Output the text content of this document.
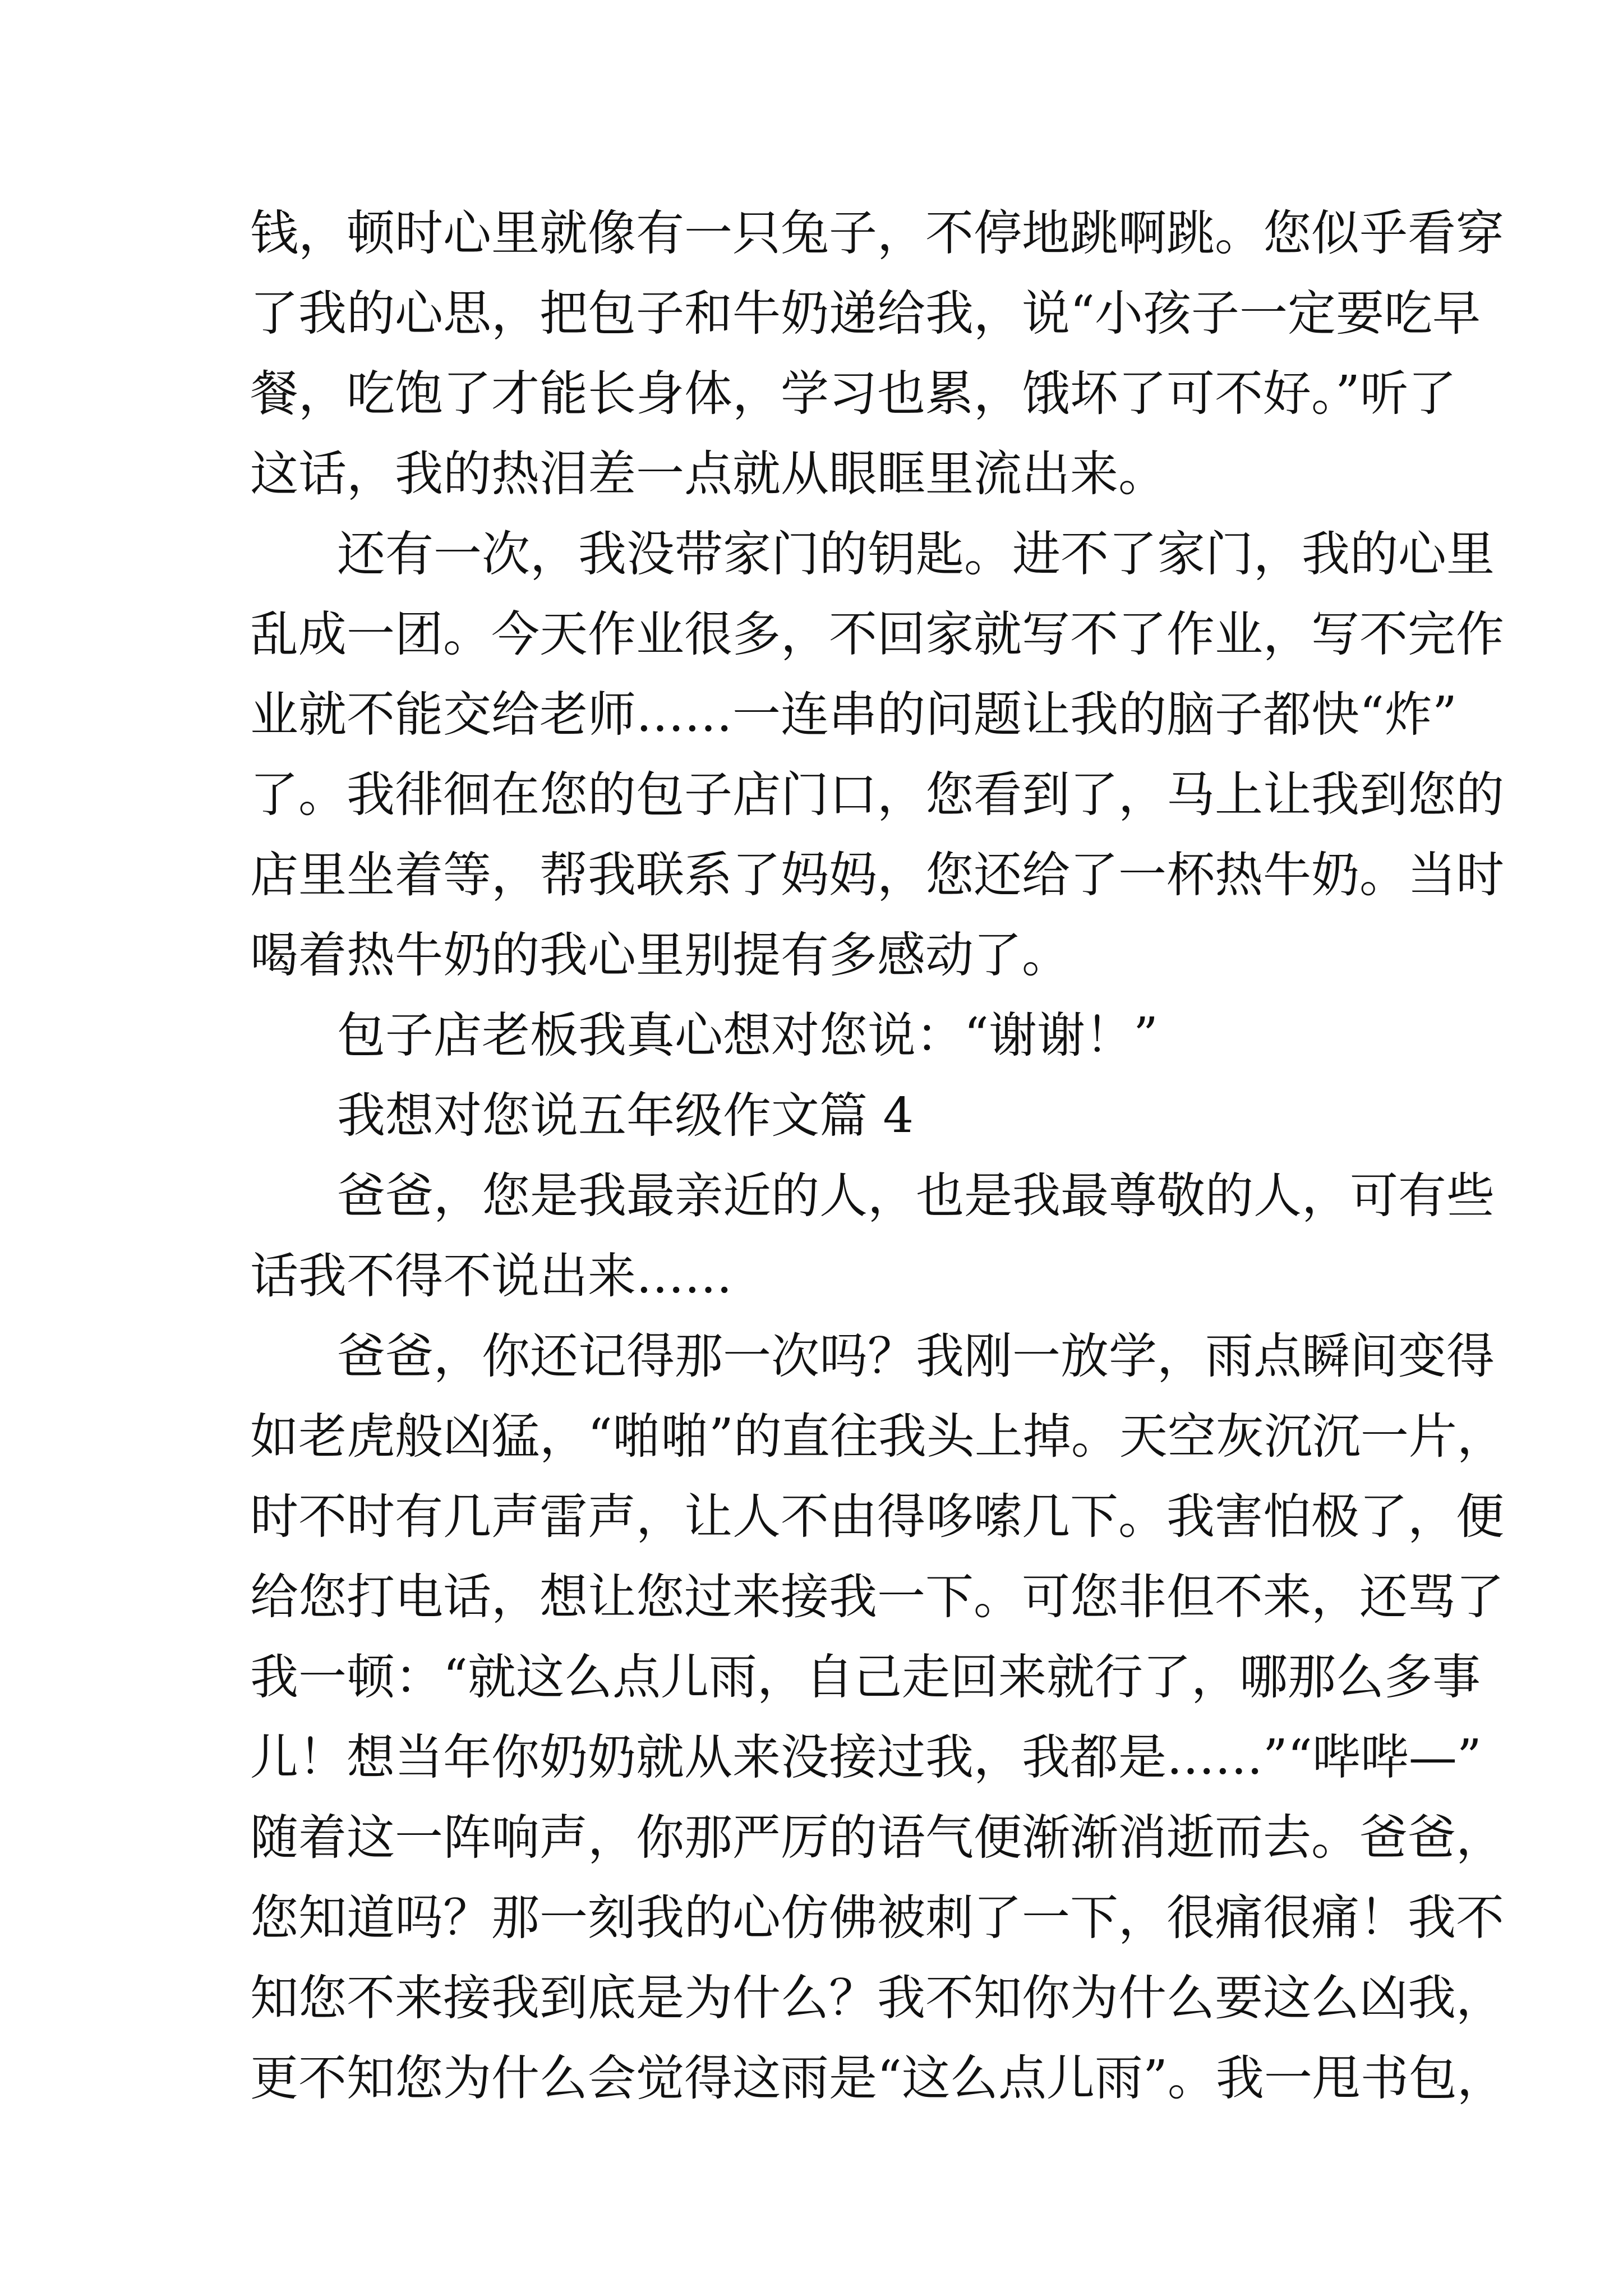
钱，顿时心里就像有一只兔子，不停地跳啊跳。您似乎看穿
了我的心思，把包子和牛奶递给我，说“小孩子一定要吃早
餐，吃饱了才能长身体，学习也累，饿坏了可不好。”听了
这话，我的热泪差一点就从眼眶里流出来。
还有一次，我没带家门的钥匙。进不了家门，我的心里
乱成一团。今天作业很多，不回家就写不了作业，写不完作
业就不能交给老师……一连串的问题让我的脑子都快“炸”
了。我徘徊在您的包子店门口，您看到了，马上让我到您的
店里坐着等，帮我联系了妈妈，您还给了一杯热牛奶。当时
喝着热牛奶的我心里别提有多感动了。
包子店老板我真心想对您说：“谢谢！”
我想对您说五年级作文篇 4
爸爸，您是我最亲近的人，也是我最尊敬的人，可有些
话我不得不说出来……
爸爸，你还记得那一次吗？我刚一放学，雨点瞬间变得
如老虎般凶猛，“啪啪”的直往我头上掉。天空灰沉沉一片，
时不时有几声雷声，让人不由得哆嗦几下。我害怕极了，便
给您打电话，想让您过来接我一下。可您非但不来，还骂了
我一顿：“就这么点儿雨，自己走回来就行了，哪那么多事
儿！想当年你奶奶就从来没接过我，我都是……”“哔哔—”
随着这一阵响声，你那严厉的语气便渐渐消逝而去。爸爸，
您知道吗？那一刻我的心仿佛被刺了一下，很痛很痛！我不
知您不来接我到底是为什么？我不知你为什么要这么凶我，
更不知您为什么会觉得这雨是“这么点儿雨”。我一甩书包，
